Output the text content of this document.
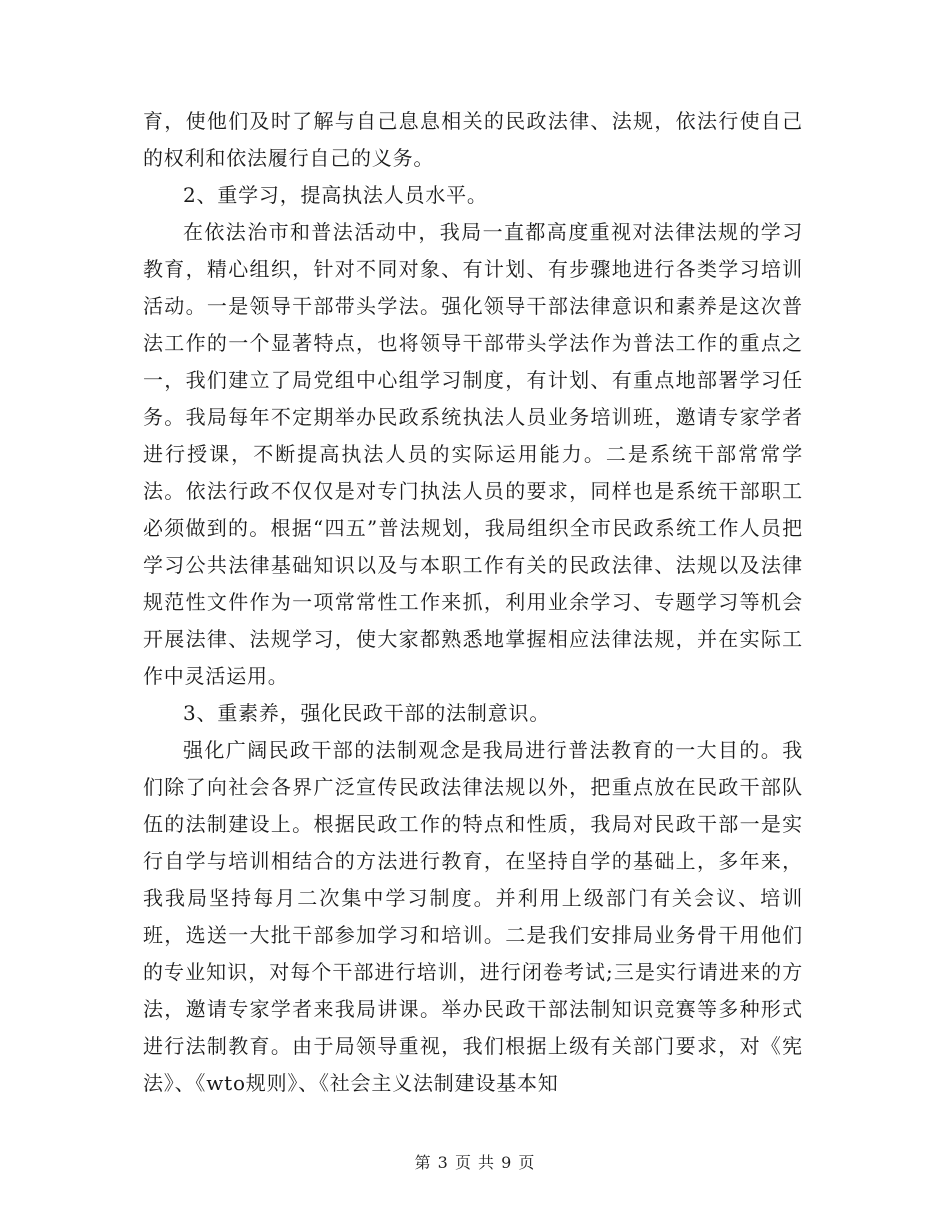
育，使他们及时了解与自己息息相关的民政法律、法规，依法行使自己的权利和依法履行自己的义务。

2、重学习，提高执法人员水平。

在依法治市和普法活动中，我局一直都高度重视对法律法规的学习教育，精心组织，针对不同对象、有计划、有步骤地进行各类学习培训活动。一是领导干部带头学法。强化领导干部法律意识和素养是这次普法工作的一个显著特点，也将领导干部带头学法作为普法工作的重点之一，我们建立了局党组中心组学习制度，有计划、有重点地部署学习任务。我局每年不定期举办民政系统执法人员业务培训班，邀请专家学者进行授课，不断提高执法人员的实际运用能力。二是系统干部常常学法。依法行政不仅仅是对专门执法人员的要求，同样也是系统干部职工必须做到的。根据“四五”普法规划，我局组织全市民政系统工作人员把学习公共法律基础知识以及与本职工作有关的民政法律、法规以及法律规范性文件作为一项常常性工作来抓，利用业余学习、专题学习等机会开展法律、法规学习，使大家都熟悉地掌握相应法律法规，并在实际工作中灵活运用。

3、重素养，强化民政干部的法制意识。

强化广阔民政干部的法制观念是我局进行普法教育的一大目的。我们除了向社会各界广泛宣传民政法律法规以外，把重点放在民政干部队伍的法制建设上。根据民政工作的特点和性质，我局对民政干部一是实行自学与培训相结合的方法进行教育，在坚持自学的基础上，多年来，我我局坚持每月二次集中学习制度。并利用上级部门有关会议、培训班，选送一大批干部参加学习和培训。二是我们安排局业务骨干用他们的专业知识，对每个干部进行培训，进行闭卷考试;三是实行请进来的方法，邀请专家学者来我局讲课。举办民政干部法制知识竞赛等多种形式进行法制教育。由于局领导重视，我们根据上级有关部门要求，对《宪法》、《wto规则》、《社会主义法制建设基本知

第 3 页 共 9 页
